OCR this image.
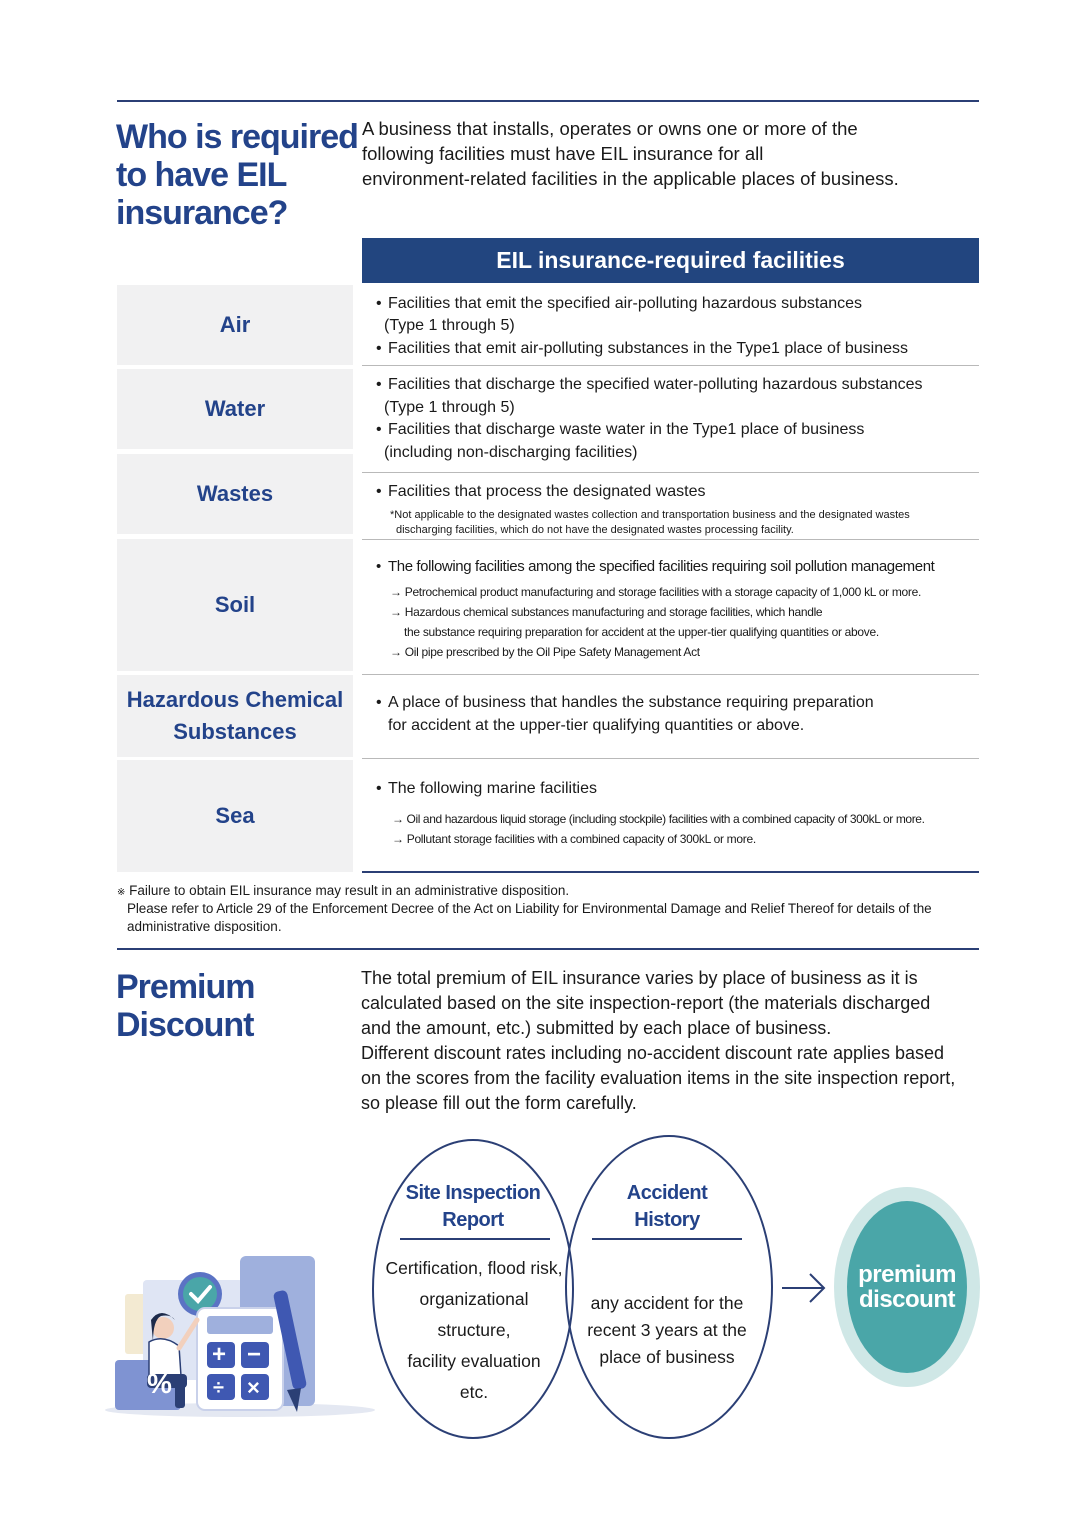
Who is required
to have EIL
insurance?
A business that installs, operates or owns one or more of the
following facilities must have EIL insurance for all
environment-related facilities in the applicable places of business.
EIL insurance-required facilities
Air
• Facilities that emit the specified air-polluting hazardous substances
(Type 1 through 5)
• Facilities that emit air-polluting substances in the Type1 place of business
Water
• Facilities that discharge the specified water-polluting hazardous substances
(Type 1 through 5)
• Facilities that discharge waste water in the Type1 place of business
(including non-discharging facilities)
Wastes	• Facilities that process the designated wastes
*Not applicable to the designated wastes collection and transportation business and the designated wastes
discharging facilities, which do not have the designated wastes processing facility.
Soil
• The following facilities among the specified facilities requiring soil pollution management
→ Petrochemical product manufacturing and storage facilities with a storage capacity of 1,000 kL or more.
→ Hazardous chemical substances manufacturing and storage facilities, which handle
the substance requiring preparation for accident at the upper-tier qualifying quantities or above.
→ Oil pipe prescribed by the Oil Pipe Safety Management Act
Hazardous Chemical
Substances
• A place of business that handles the substance requiring preparation
for accident at the upper-tier qualifying quantities or above.
Sea
• The following marine facilities
→ Oil and hazardous liquid storage (including stockpile) facilities with a combined capacity of 300kL or more.
→ Pollutant storage facilities with a combined capacity of 300kL or more.
※ Failure to obtain EIL insurance may result in an administrative disposition.
Please refer to Article 29 of the Enforcement Decree of the Act on Liability for Environmental Damage and Relief Thereof for details of the
administrative disposition.
Premium
Discount
The total premium of EIL insurance varies by place of business as it is
calculated based on the site inspection-report (the materials discharged
and the amount, etc.) submitted by each place of business.
Different discount rates including no-accident discount rate applies based
on the scores from the facility evaluation items in the site inspection report,
so please fill out the form carefully.
Site Inspection
Report
Certification, flood risk,
organizational
structure,
facility evaluation
etc.
Accident
History
any accident for the
recent 3 years at the
place of business
premium
discount
%
+ −
÷ ×
